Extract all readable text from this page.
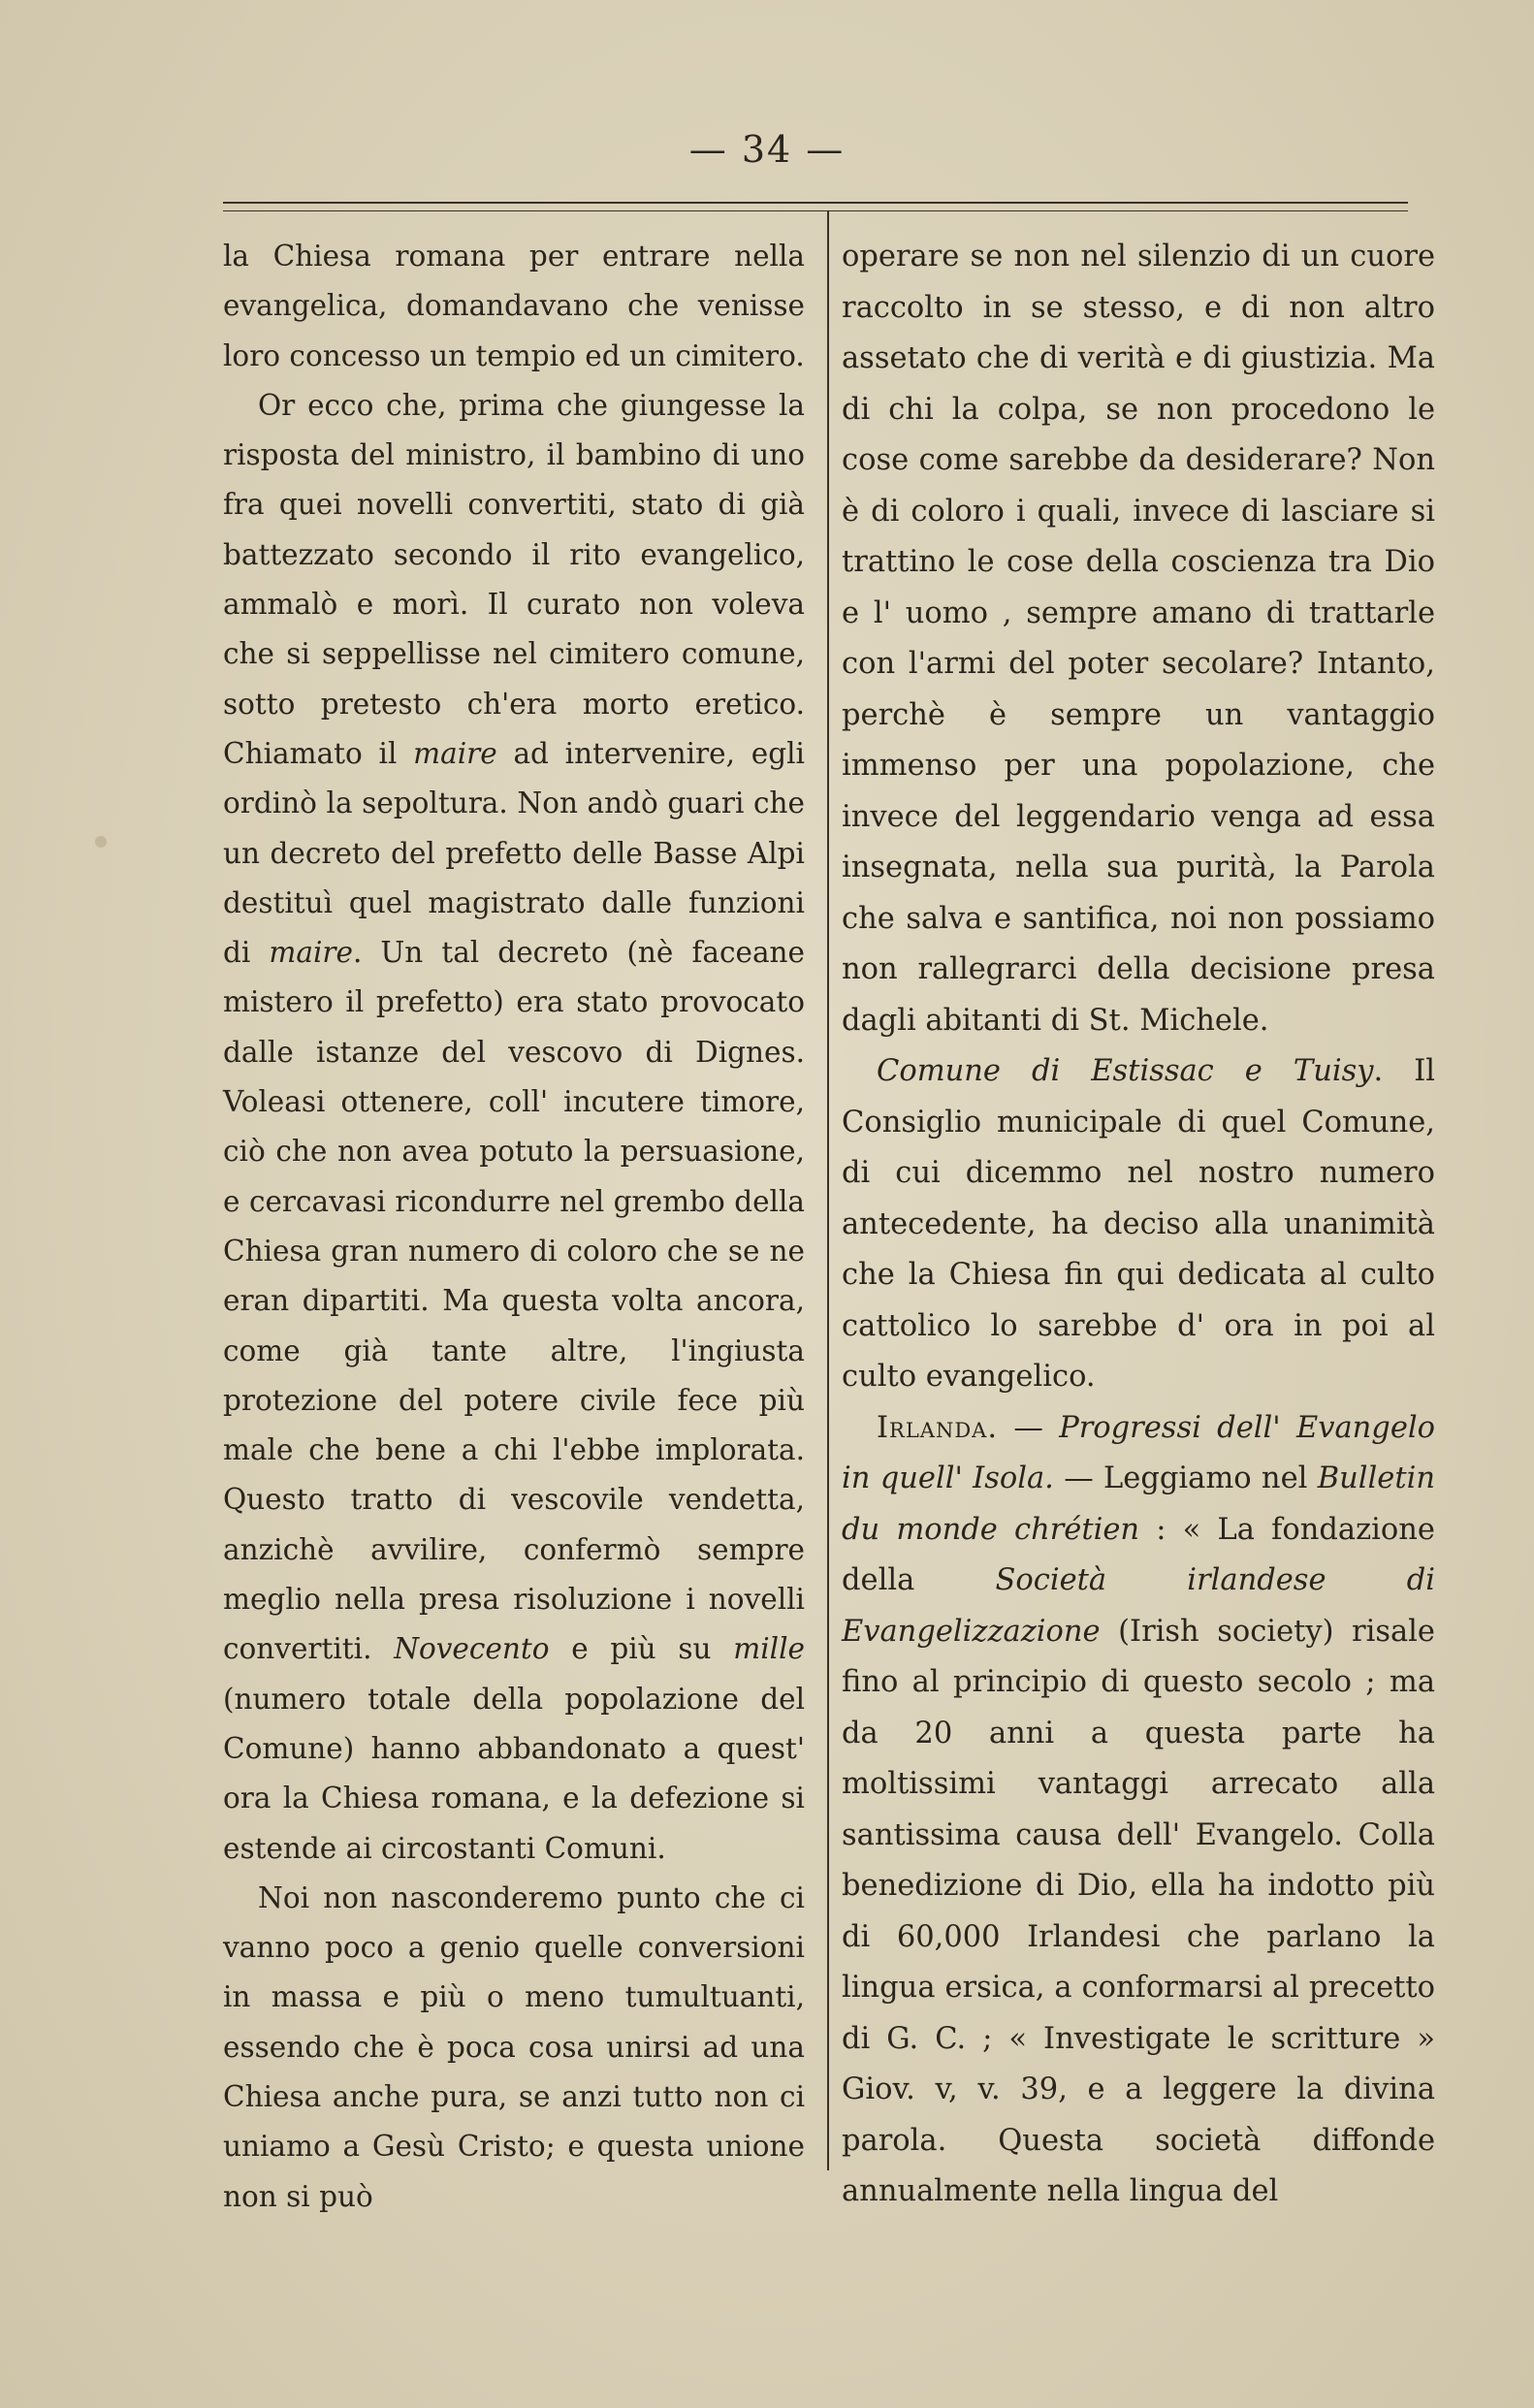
— 34 —

la Chiesa romana per entrare nella evangelica, domandavano che venisse loro concesso un tempio ed un cimitero.

Or ecco che, prima che giungesse la risposta del ministro, il bambino di uno fra quei novelli convertiti, stato di già battezzato secondo il rito evangelico, ammalò e morì. Il curato non voleva che si seppellisse nel cimitero comune, sotto pretesto ch'era morto eretico. Chiamato il maire ad intervenire, egli ordinò la sepoltura. Non andò guari che un decreto del prefetto delle Basse Alpi destituì quel magistrato dalle funzioni di maire. Un tal decreto (nè faceane mistero il prefetto) era stato provocato dalle istanze del vescovo di Dignes. Voleasi ottenere, coll' incutere timore, ciò che non avea potuto la persuasione, e cercavasi ricondurre nel grembo della Chiesa gran numero di coloro che se ne eran dipartiti. Ma questa volta ancora, come già tante altre, l'ingiusta protezione del potere civile fece più male che bene a chi l'ebbe implorata. Questo tratto di vescovile vendetta, anzichè avvilire, confermò sempre meglio nella presa risoluzione i novelli convertiti. Novecento e più su mille (numero totale della popolazione del Comune) hanno abbandonato a quest' ora la Chiesa romana, e la defezione si estende ai circostanti Comuni.

Noi non nasconderemo punto che ci vanno poco a genio quelle conversioni in massa e più o meno tumultuanti, essendo che è poca cosa unirsi ad una Chiesa anche pura, se anzi tutto non ci uniamo a Gesù Cristo; e questa unione non si può

operare se non nel silenzio di un cuore raccolto in se stesso, e di non altro assetato che di verità e di giustizia. Ma di chi la colpa, se non procedono le cose come sarebbe da desiderare? Non è di coloro i quali, invece di lasciare si trattino le cose della coscienza tra Dio e l' uomo , sempre amano di trattarle con l'armi del poter secolare? Intanto, perchè è sempre un vantaggio immenso per una popolazione, che invece del leggendario venga ad essa insegnata, nella sua purità, la Parola che salva e santifica, noi non possiamo non rallegrarci della decisione presa dagli abitanti di St. Michele.

Comune di Estissac e Tuisy. Il Consiglio municipale di quel Comune, di cui dicemmo nel nostro numero antecedente, ha deciso alla unanimità che la Chiesa fin qui dedicata al culto cattolico lo sarebbe d' ora in poi al culto evangelico.

Irlanda. — Progressi dell' Evangelo in quell' Isola. — Leggiamo nel Bulletin du monde chrétien : « La fondazione della Società irlandese di Evangelizzazione (Irish society) risale fino al principio di questo secolo ; ma da 20 anni a questa parte ha moltissimi vantaggi arrecato alla santissima causa dell' Evangelo. Colla benedizione di Dio, ella ha indotto più di 60,000 Irlandesi che parlano la lingua ersica, a conformarsi al precetto di G. C. ; « Investigate le scritture » Giov. v, v. 39, e a leggere la divina parola. Questa società diffonde annualmente nella lingua del
